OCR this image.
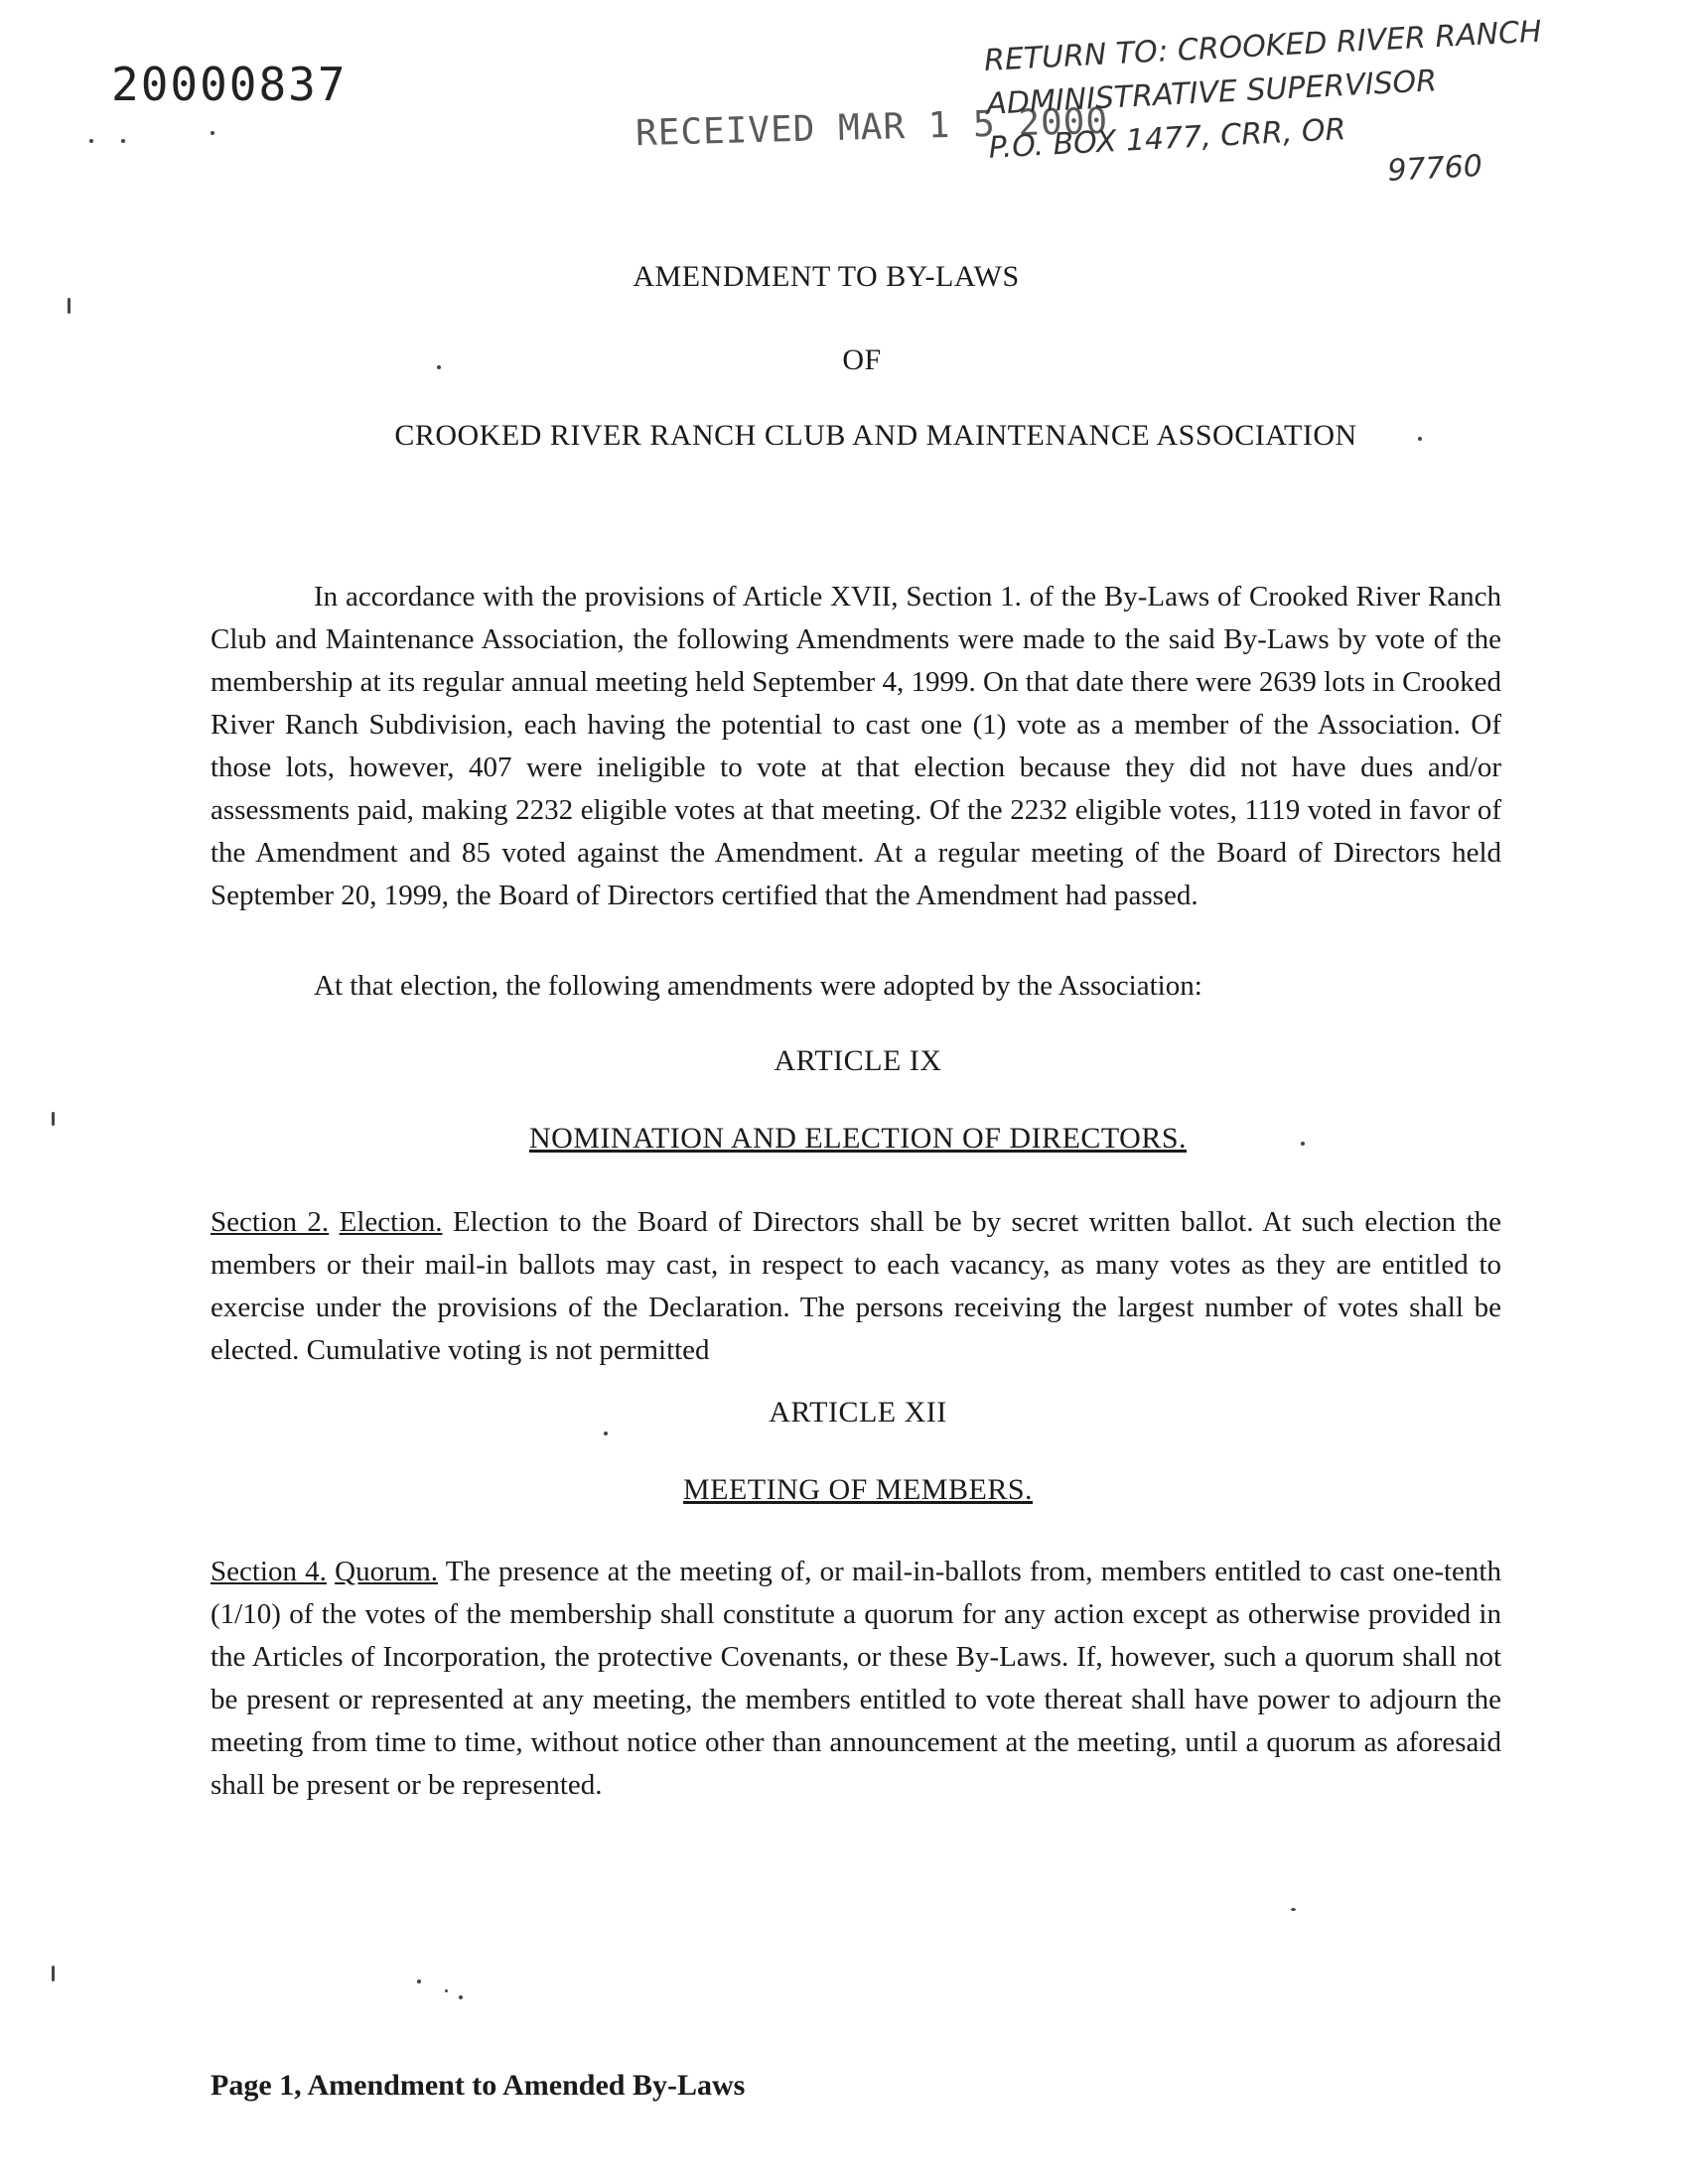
20000837
RECEIVED MAR 1 5 2000
RETURN TO: CROOKED RIVER RANCH
ADMINISTRATIVE SUPERVISOR
P.O. BOX 1477, CRR, OR
97760
AMENDMENT TO BY-LAWS
OF
CROOKED RIVER RANCH CLUB AND MAINTENANCE ASSOCIATION
In accordance with the provisions of Article XVII, Section 1. of the By-Laws of Crooked River Ranch Club and Maintenance Association, the following Amendments were made to the said By-Laws by vote of the membership at its regular annual meeting held September 4, 1999. On that date there were 2639 lots in Crooked River Ranch Subdivision, each having the potential to cast one (1) vote as a member of the Association. Of those lots, however, 407 were ineligible to vote at that election because they did not have dues and/or assessments paid, making 2232 eligible votes at that meeting. Of the 2232 eligible votes, 1119 voted in favor of the Amendment and 85 voted against the Amendment. At a regular meeting of the Board of Directors held September 20, 1999, the Board of Directors certified that the Amendment had passed.
At that election, the following amendments were adopted by the Association:
ARTICLE IX
NOMINATION AND ELECTION OF DIRECTORS.
Section 2. Election. Election to the Board of Directors shall be by secret written ballot. At such election the members or their mail-in ballots may cast, in respect to each vacancy, as many votes as they are entitled to exercise under the provisions of the Declaration. The persons receiving the largest number of votes shall be elected. Cumulative voting is not permitted
ARTICLE XII
MEETING OF MEMBERS.
Section 4. Quorum. The presence at the meeting of, or mail-in-ballots from, members entitled to cast one-tenth (1/10) of the votes of the membership shall constitute a quorum for any action except as otherwise provided in the Articles of Incorporation, the protective Covenants, or these By-Laws. If, however, such a quorum shall not be present or represented at any meeting, the members entitled to vote thereat shall have power to adjourn the meeting from time to time, without notice other than announcement at the meeting, until a quorum as aforesaid shall be present or be represented.
Page 1, Amendment to Amended By-Laws
